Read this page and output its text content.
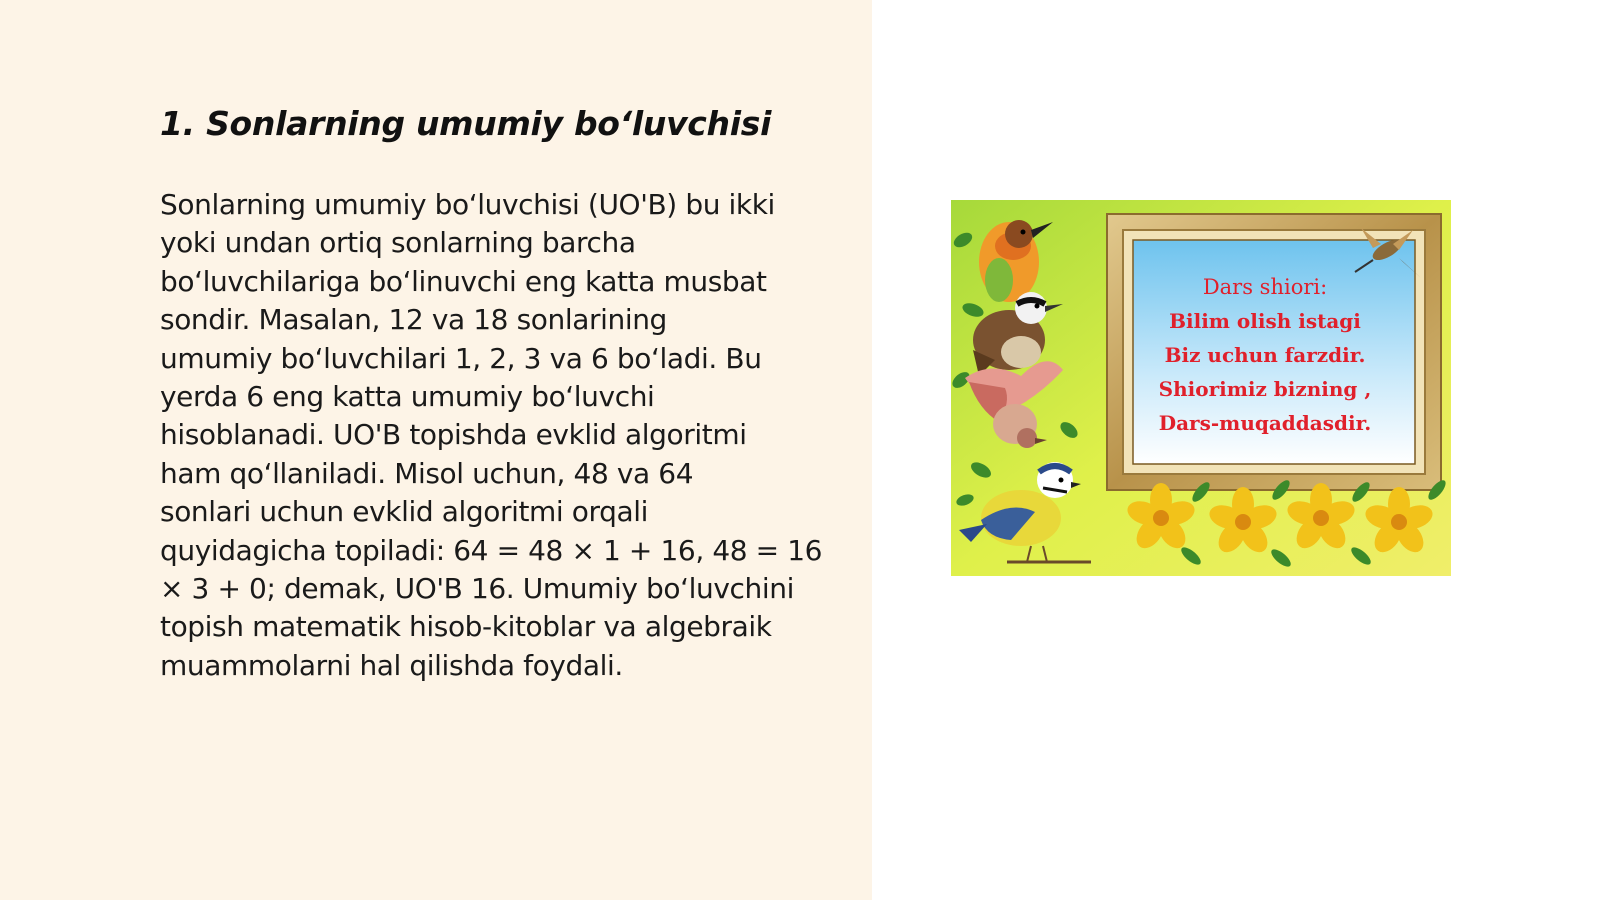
1. Sonlarning umumiy bo‘luvchisi
Sonlarning umumiy bo‘luvchisi (UO'B) bu ikki
yoki undan ortiq sonlarning barcha
bo‘luvchilariga bo‘linuvchi eng katta musbat
sondir. Masalan, 12 va 18 sonlarining
umumiy bo‘luvchilari 1, 2, 3 va 6 bo‘ladi. Bu
yerda 6 eng katta umumiy bo‘luvchi
hisoblanadi. UO'B topishda evklid algoritmi
ham qo‘llaniladi. Misol uchun, 48 va 64
sonlari uchun evklid algoritmi orqali
quyidagicha topiladi: 64 = 48 × 1 + 16, 48 = 16
× 3 + 0; demak, UO'B 16. Umumiy bo‘luvchini
topish matematik hisob-kitoblar va algebraik
muammolarni hal qilishda foydali.
Dars shiori:
Bilim olish istagi
Biz uchun farzdir.
Shiorimiz bizning ,
Dars-muqaddasdir.
